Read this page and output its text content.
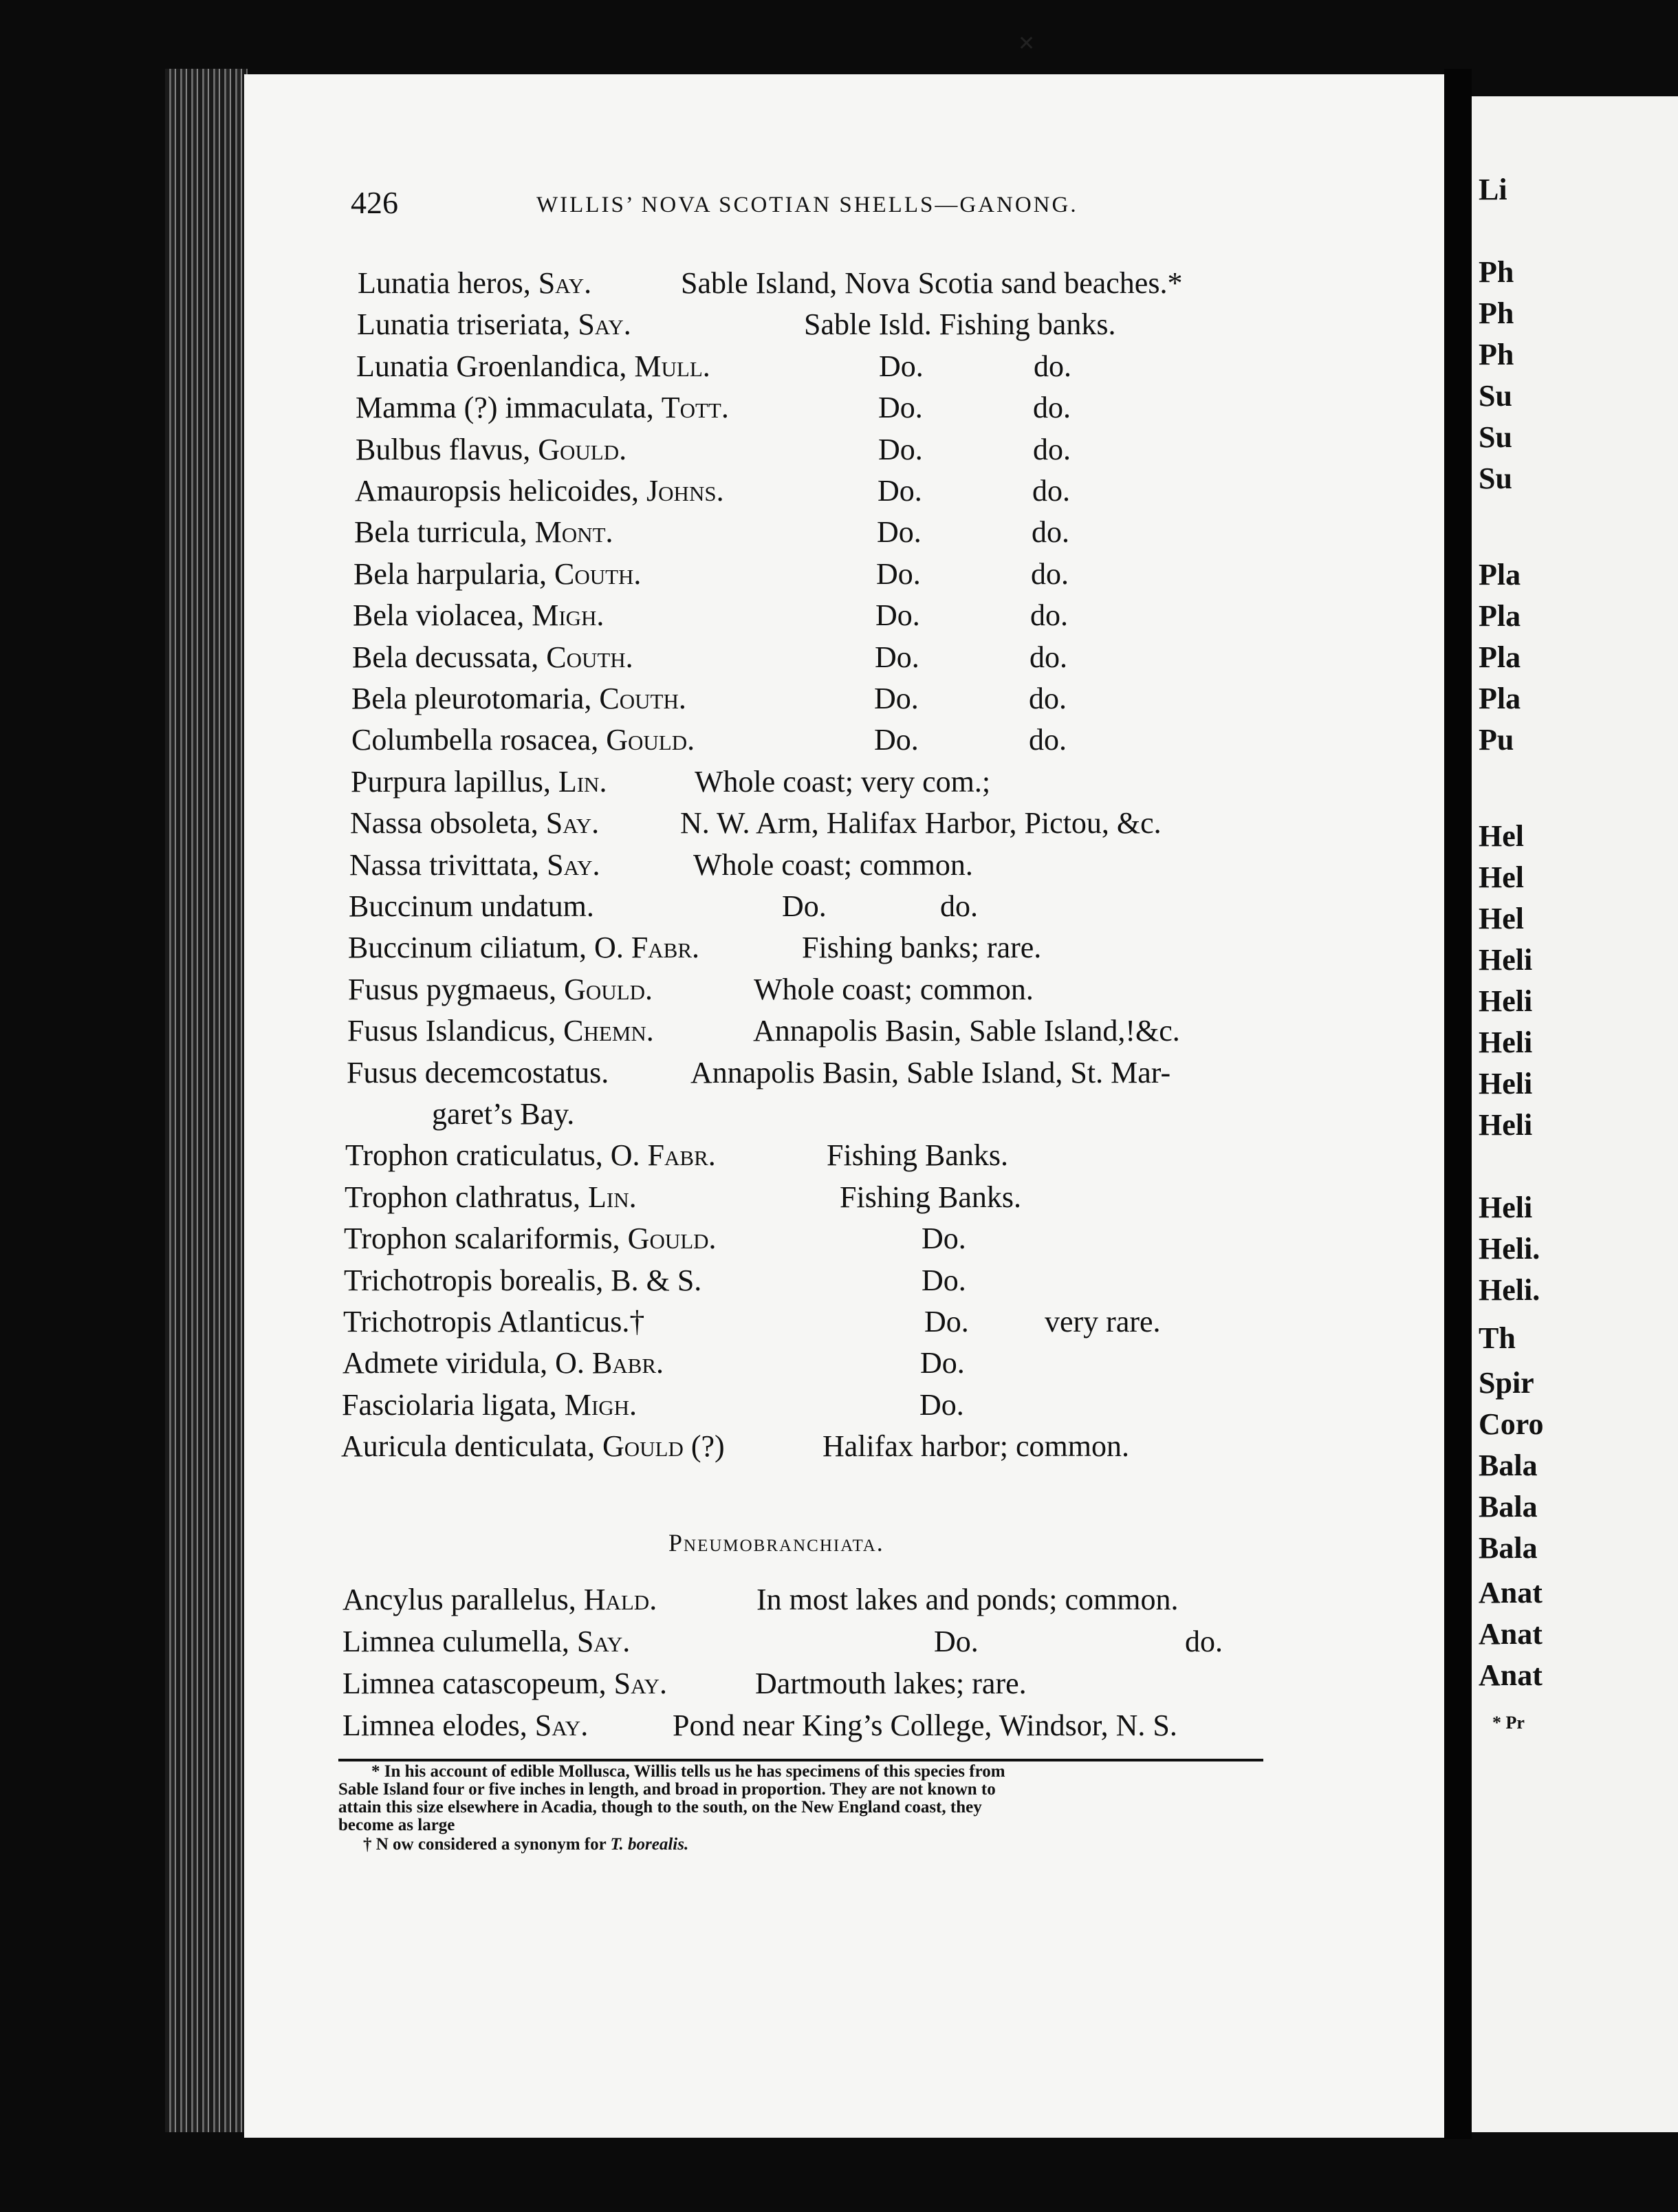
Li
Ph
Ph
Ph
Su
Su
Su
Pla
Pla
Pla
Pla
Pu
Hel
Hel
Hel
Heli
Heli
Heli
Heli
Heli
Heli
Heli.
Heli.
Th
Spir
Coro
Bala
Bala
Bala
Anat
Anat
Anat
* Pr
426	WILLIS’ NOVA SCOTIAN SHELLS—GANONG.
Lunatia heros, Say.	Sable Island, Nova Scotia sand beaches.*
Lunatia triseriata, Say.	Sable Isld. Fishing banks.
Lunatia Groenlandica, Mull.	Do.	do.
Mamma (?) immaculata, Tott.	Do.	do.
Bulbus flavus, Gould.	Do.	do.
Amauropsis helicoides, Johns.	Do.	do.
Bela turricula, Mont.	Do.	do.
Bela harpularia, Couth.	Do.	do.
Bela violacea, Migh.	Do.	do.
Bela decussata, Couth.	Do.	do.
Bela pleurotomaria, Couth.	Do.	do.
Columbella rosacea, Gould.	Do.	do.
Purpura lapillus, Lin.	Whole coast; very com.;
Nassa obsoleta, Say.	N. W. Arm, Halifax Harbor, Pictou, &c.
Nassa trivittata, Say.	Whole coast; common.
Buccinum undatum.	Do.	do.
Buccinum ciliatum, O. Fabr.	Fishing banks; rare.
Fusus pygmaeus, Gould.	Whole coast; common.
Fusus Islandicus, Chemn.	Annapolis Basin, Sable Island,!&c.
Fusus decemcostatus.	Annapolis Basin, Sable Island, St. Mar-
garet’s Bay.
Trophon craticulatus, O. Fabr.	Fishing Banks.
Trophon clathratus, Lin.	Fishing Banks.
Trophon scalariformis, Gould.	Do.
Trichotropis borealis, B. & S.	Do.
Trichotropis Atlanticus.†	Do.	very rare.
Admete viridula, O. Babr.	Do.
Fasciolaria ligata, Migh.	Do.
Auricula denticulata, Gould (?)	Halifax harbor; common.
Pneumobranchiata.
Ancylus parallelus, Hald.	In most lakes and ponds; common.
Limnea culumella, Say.	Do.	do.
Limnea catascopeum, Say.	Dartmouth lakes; rare.
Limnea elodes, Say.	Pond near King’s College, Windsor, N. S.
* In his account of edible Mollusca, Willis tells us he has specimens of this species from
Sable Island four or five inches in length, and broad in proportion. They are not known to
attain this size elsewhere in Acadia, though to the south, on the New England coast, they
become as large
† N ow considered a synonym for T. borealis.
✕
